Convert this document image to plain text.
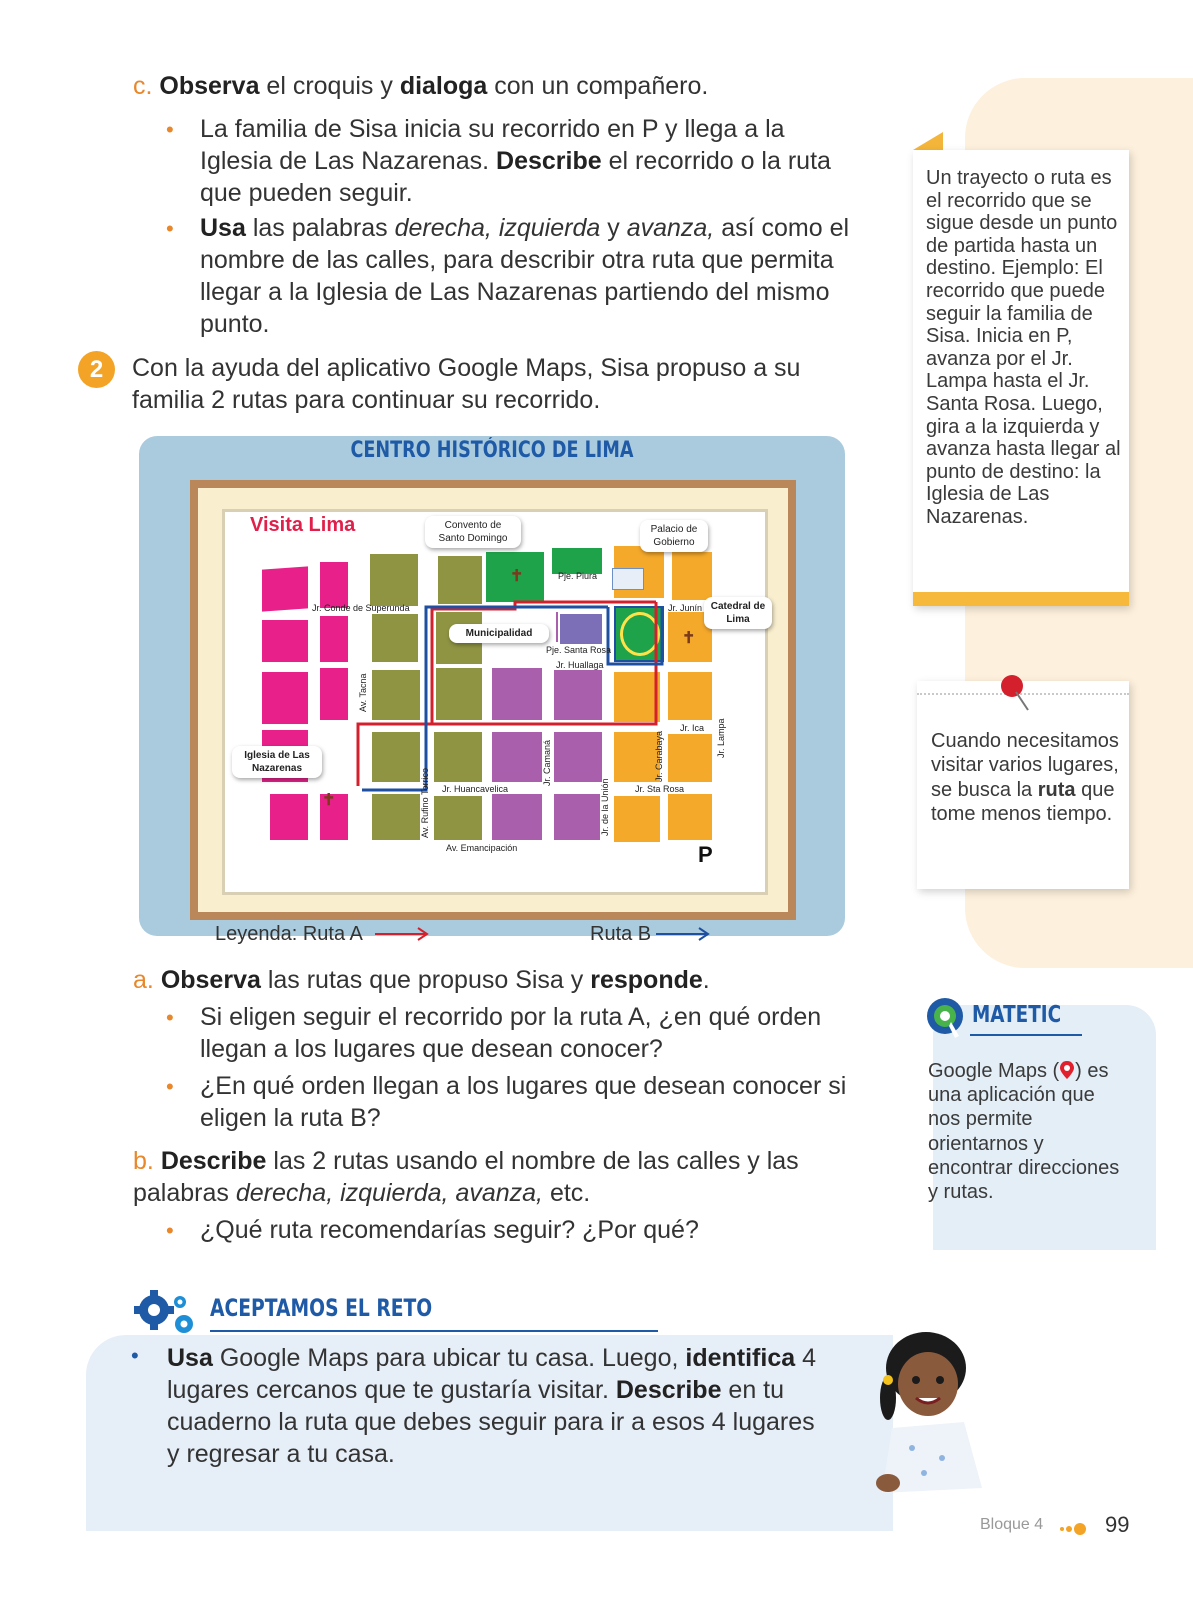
c. Observa el croquis y dialoga con un compañero.
• La familia de Sisa inicia su recorrido en P y llega a la Iglesia de Las Nazarenas. Describe el recorrido o la ruta que pueden seguir.
• Usa las palabras derecha, izquierda y avanza, así como el nombre de las calles, para describir otra ruta que permita llegar a la Iglesia de Las Nazarenas partiendo del mismo punto.
2	Con la ayuda del aplicativo Google Maps, Sisa propuso a su familia 2 rutas para continuar su recorrido.
CENTRO HISTÓRICO DE LIMA
Visita Lima
✝
✝
✝
Convento de Santo Domingo
Palacio de Gobierno
Catedral de Lima
Municipalidad
Iglesia de Las Nazarenas
Jr. Conde de Superunda
Pje. Piura
Jr. Junín
Pje. Santa Rosa
Jr. Huallaga
Jr. Ica
Jr. Huancavelica	Jr. Sta Rosa
Av. Emancipación
Av. Tacna
Jr. Lampa
Jr. Camaná	Jr. Carabaya
Jr. de la Unión
Av. Rufino Torrico
P
Leyenda: Ruta A	Ruta B
a. Observa las rutas que propuso Sisa y responde.
• Si eligen seguir el recorrido por la ruta A, ¿en qué orden llegan a los lugares que desean conocer?
• ¿En qué orden llegan a los lugares que desean conocer si eligen la ruta B?
b. Describe las 2 rutas usando el nombre de las calles y las palabras derecha, izquierda, avanza, etc.
• ¿Qué ruta recomendarías seguir? ¿Por qué?
ACEPTAMOS EL RETO
• Usa Google Maps para ubicar tu casa. Luego, identifica 4 lugares cercanos que te gustaría visitar. Describe en tu cuaderno la ruta que debes seguir para ir a esos 4 lugares y regresar a tu casa.
Un trayecto o ruta es el recorrido que se sigue desde un punto de partida hasta un destino. Ejemplo: El recorrido que puede seguir la familia de Sisa. Inicia en P, avanza por el Jr. Lampa hasta el Jr. Santa Rosa. Luego, gira a la izquierda y avanza hasta llegar al punto de destino: la Iglesia de Las Nazarenas.
Cuando necesitamos visitar varios lugares, se busca la ruta que tome menos tiempo.
MATETIC
Google Maps ( ) es una aplicación que nos permite orientarnos y encontrar direcciones y rutas.
Bloque 4	99
